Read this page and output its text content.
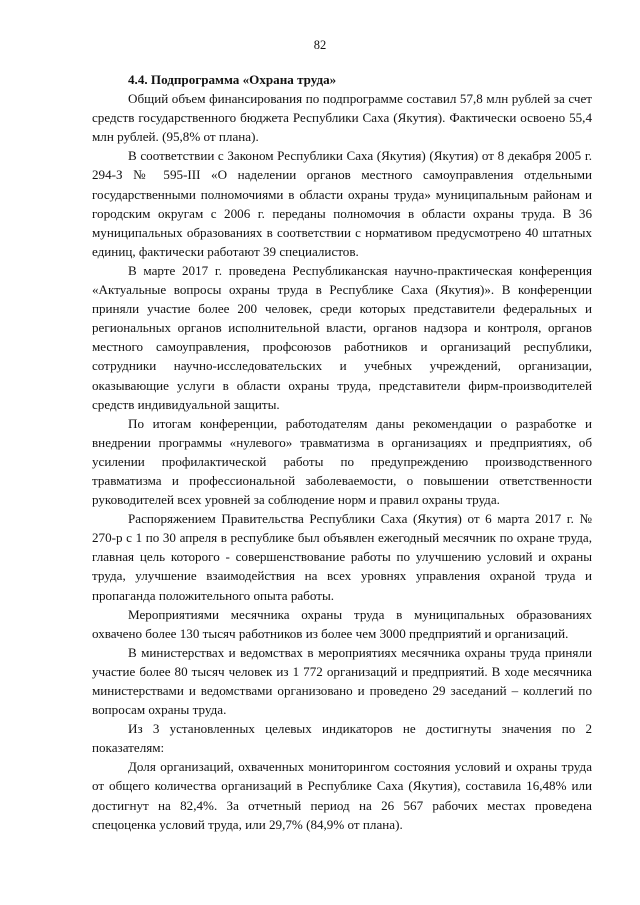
82

4.4. Подпрограмма «Охрана труда»

Общий объем финансирования по подпрограмме составил 57,8 млн рублей за счет средств государственного бюджета Республики Саха (Якутия). Фактически освоено 55,4 млн рублей. (95,8% от плана).

В соответствии с Законом Республики Саха (Якутия) (Якутия) от 8 декабря 2005 г. 294-З № 595-III «О наделении органов местного самоуправления отдельными государственными полномочиями в области охраны труда» муниципальным районам и городским округам с 2006 г. переданы полномочия в области охраны труда. В 36 муниципальных образованиях в соответствии с нормативом предусмотрено 40 штатных единиц, фактически работают 39 специалистов.

В марте 2017 г. проведена Республиканская научно-практическая конференция «Актуальные вопросы охраны труда в Республике Саха (Якутия)». В конференции приняли участие более 200 человек, среди которых представители федеральных и региональных органов исполнительной власти, органов надзора и контроля, органов местного самоуправления, профсоюзов работников и организаций республики, сотрудники научно-исследовательских и учебных учреждений, организации, оказывающие услуги в области охраны труда, представители фирм-производителей средств индивидуальной защиты.

По итогам конференции, работодателям даны рекомендации о разработке и внедрении программы «нулевого» травматизма в организациях и предприятиях, об усилении профилактической работы по предупреждению производственного травматизма и профессиональной заболеваемости, о повышении ответственности руководителей всех уровней за соблюдение норм и правил охраны труда.

Распоряжением Правительства Республики Саха (Якутия) от 6 марта 2017 г. № 270-р с 1 по 30 апреля в республике был объявлен ежегодный месячник по охране труда, главная цель которого - совершенствование работы по улучшению условий и охраны труда, улучшение взаимодействия на всех уровнях управления охраной труда и пропаганда положительного опыта работы.

Мероприятиями месячника охраны труда в муниципальных образованиях охвачено более 130 тысяч работников из более чем 3000 предприятий и организаций.

В министерствах и ведомствах в мероприятиях месячника охраны труда приняли участие более 80 тысяч человек из 1 772 организаций и предприятий. В ходе месячника министерствами и ведомствами организовано и проведено 29 заседаний – коллегий по вопросам охраны труда.

Из 3 установленных целевых индикаторов не достигнуты значения по 2 показателям:

Доля организаций, охваченных мониторингом состояния условий и охраны труда от общего количества организаций в Республике Саха (Якутия), составила 16,48% или достигнут на 82,4%. За отчетный период на 26 567 рабочих местах проведена спецоценка условий труда, или 29,7% (84,9% от плана).
